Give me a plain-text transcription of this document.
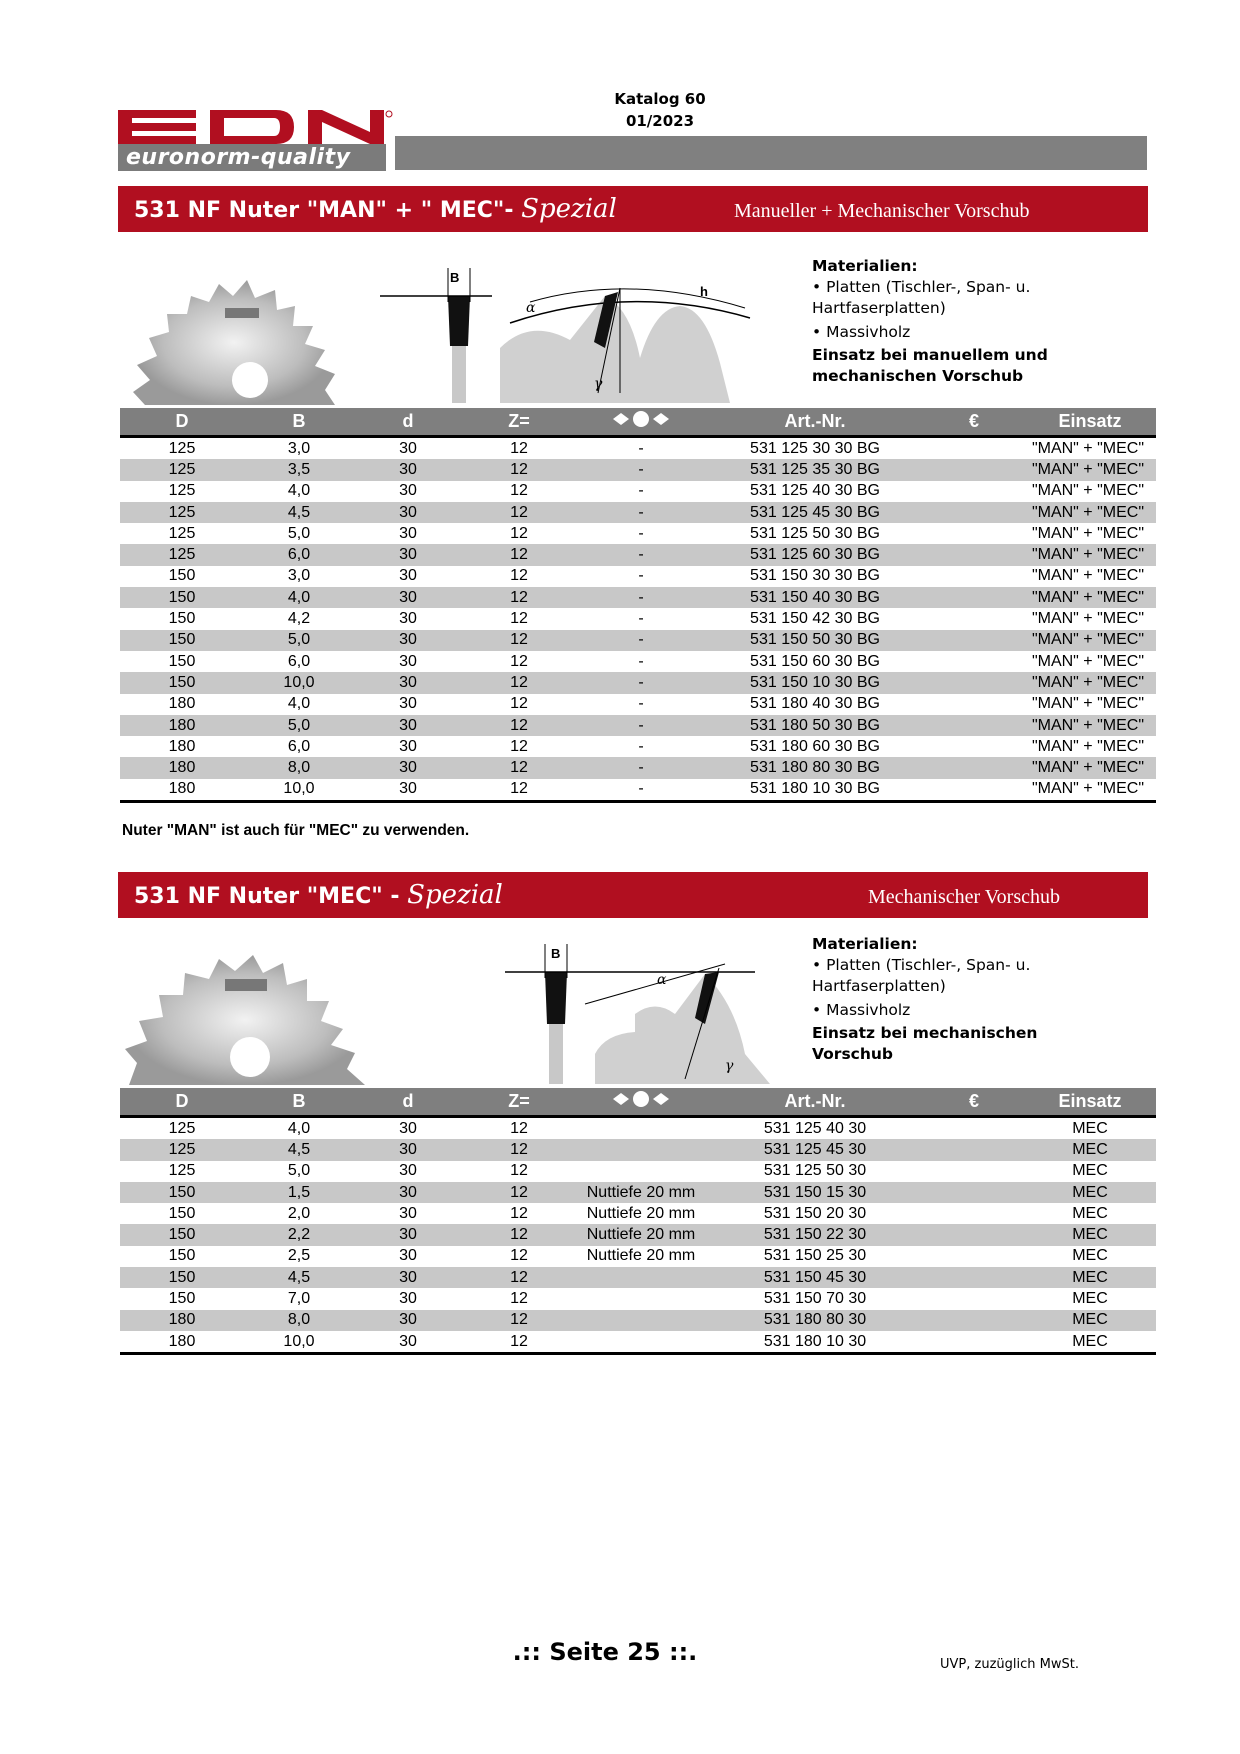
Katalog 60
01/2023
euronorm-quality
531 NF Nuter "MAN" + " MEC"- Spezial	Manueller + Mechanischer Vorschub
B
α
γ
h
Materialien:
• Platten (Tischler-, Span- u. Hartfaserplatten)
• Massivholz
Einsatz bei manuellem und mechanischen Vorschub
D	B	d	Z=		Art.-Nr.	€	Einsatz
125	3,0	30	12	-	531 125 30 30 BG		"MAN" + "MEC"
125	3,5	30	12	-	531 125 35 30 BG		"MAN" + "MEC"
125	4,0	30	12	-	531 125 40 30 BG		"MAN" + "MEC"
125	4,5	30	12	-	531 125 45 30 BG		"MAN" + "MEC"
125	5,0	30	12	-	531 125 50 30 BG		"MAN" + "MEC"
125	6,0	30	12	-	531 125 60 30 BG		"MAN" + "MEC"
150	3,0	30	12	-	531 150 30 30 BG		"MAN" + "MEC"
150	4,0	30	12	-	531 150 40 30 BG		"MAN" + "MEC"
150	4,2	30	12	-	531 150 42 30 BG		"MAN" + "MEC"
150	5,0	30	12	-	531 150 50 30 BG		"MAN" + "MEC"
150	6,0	30	12	-	531 150 60 30 BG		"MAN" + "MEC"
150	10,0	30	12	-	531 150 10 30 BG		"MAN" + "MEC"
180	4,0	30	12	-	531 180 40 30 BG		"MAN" + "MEC"
180	5,0	30	12	-	531 180 50 30 BG		"MAN" + "MEC"
180	6,0	30	12	-	531 180 60 30 BG		"MAN" + "MEC"
180	8,0	30	12	-	531 180 80 30 BG		"MAN" + "MEC"
180	10,0	30	12	-	531 180 10 30 BG		"MAN" + "MEC"
Nuter "MAN" ist auch für "MEC" zu verwenden.
531 NF Nuter "MEC" - Spezial	Mechanischer Vorschub
B
α
γ
Materialien:
• Platten (Tischler-, Span- u. Hartfaserplatten)
• Massivholz
Einsatz bei mechanischen Vorschub
D	B	d	Z=		Art.-Nr.	€	Einsatz
125	4,0	30	12		531 125 40 30		MEC
125	4,5	30	12		531 125 45 30		MEC
125	5,0	30	12		531 125 50 30		MEC
150	1,5	30	12	Nuttiefe 20 mm	531 150 15 30		MEC
150	2,0	30	12	Nuttiefe 20 mm	531 150 20 30		MEC
150	2,2	30	12	Nuttiefe 20 mm	531 150 22 30		MEC
150	2,5	30	12	Nuttiefe 20 mm	531 150 25 30		MEC
150	4,5	30	12		531 150 45 30		MEC
150	7,0	30	12		531 150 70 30		MEC
180	8,0	30	12		531 180 80 30		MEC
180	10,0	30	12		531 180 10 30		MEC
.:: Seite 25 ::.	UVP, zuzüglich MwSt.
